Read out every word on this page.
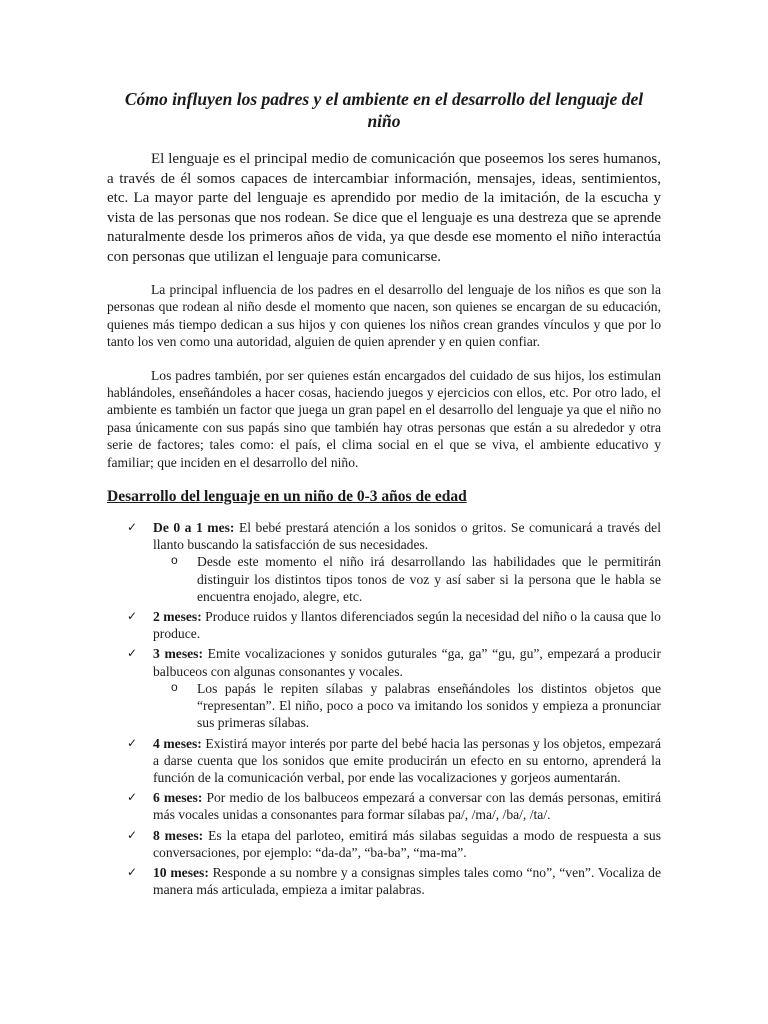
Cómo influyen los padres y el ambiente en el desarrollo del lenguaje del niño

El lenguaje es el principal medio de comunicación que poseemos los seres humanos, a través de él somos capaces de intercambiar información, mensajes, ideas, sentimientos, etc. La mayor parte del lenguaje es aprendido por medio de la imitación, de la escucha y vista de las personas que nos rodean. Se dice que el lenguaje es una destreza que se aprende naturalmente desde los primeros años de vida, ya que desde ese momento el niño interactúa con personas que utilizan el lenguaje para comunicarse.

La principal influencia de los padres en el desarrollo del lenguaje de los niños es que son la personas que rodean al niño desde el momento que nacen, son quienes se encargan de su educación, quienes más tiempo dedican a sus hijos y con quienes los niños crean grandes vínculos y que por lo tanto los ven como una autoridad, alguien de quien aprender y en quien confiar.

Los padres también, por ser quienes están encargados del cuidado de sus hijos, los estimulan hablándoles, enseñándoles a hacer cosas, haciendo juegos y ejercicios con ellos, etc. Por otro lado, el ambiente es también un factor que juega un gran papel en el desarrollo del lenguaje ya que el niño no pasa únicamente con sus papás sino que también hay otras personas que están a su alrededor y otra serie de factores; tales como: el país, el clima social en el que se viva, el ambiente educativo y familiar; que inciden en el desarrollo del niño.

Desarrollo del lenguaje en un niño de 0-3 años de edad
✓ De 0 a 1 mes: El bebé prestará atención a los sonidos o gritos. Se comunicará a través del llanto buscando la satisfacción de sus necesidades.
o Desde este momento el niño irá desarrollando las habilidades que le permitirán distinguir los distintos tipos tonos de voz y así saber si la persona que le habla se encuentra enojado, alegre, etc.
✓ 2 meses: Produce ruidos y llantos diferenciados según la necesidad del niño o la causa que lo produce.
✓ 3 meses: Emite vocalizaciones y sonidos guturales “ga, ga” “gu, gu”, empezará a producir balbuceos con algunas consonantes y vocales.
o Los papás le repiten sílabas y palabras enseñándoles los distintos objetos que “representan”. El niño, poco a poco va imitando los sonidos y empieza a pronunciar sus primeras sílabas.
✓ 4 meses: Existirá mayor interés por parte del bebé hacia las personas y los objetos, empezará a darse cuenta que los sonidos que emite producirán un efecto en su entorno, aprenderá la función de la comunicación verbal, por ende las vocalizaciones y gorjeos aumentarán.
✓ 6 meses: Por medio de los balbuceos empezará a conversar con las demás personas, emitirá más vocales unidas a consonantes para formar sílabas pa/, /ma/, /ba/, /ta/.
✓ 8 meses: Es la etapa del parloteo, emitirá más silabas seguidas a modo de respuesta a sus conversaciones, por ejemplo: “da-da”, “ba-ba”, “ma-ma”.
✓ 10 meses: Responde a su nombre y a consignas simples tales como “no”, “ven”. Vocaliza de manera más articulada, empieza a imitar palabras.
